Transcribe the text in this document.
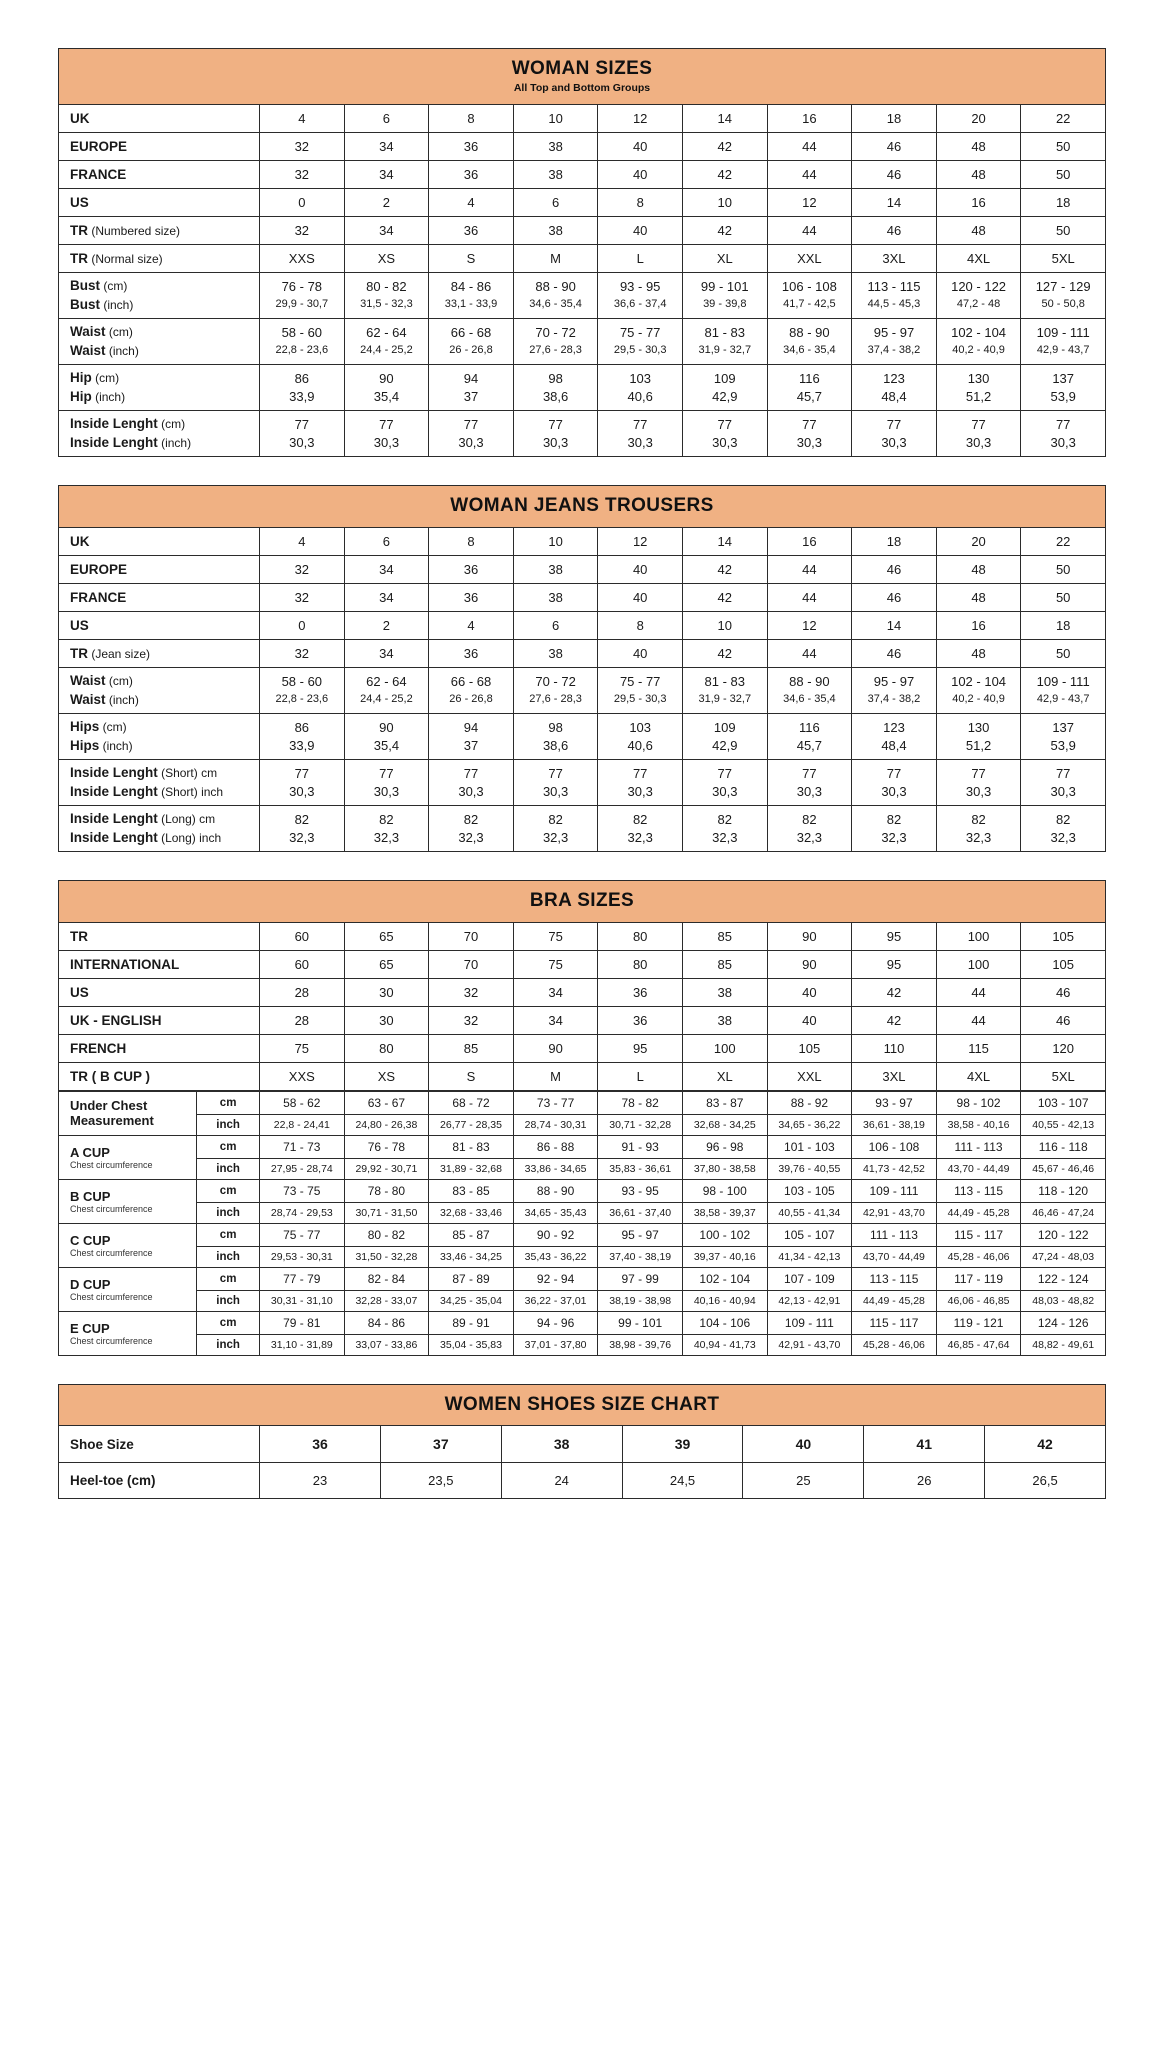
WOMAN SIZES
All Top and Bottom Groups										

UK	4	6	8	10	12	14	16	18	20	22
EUROPE	32	34	36	38	40	42	44	46	48	50
FRANCE	32	34	36	38	40	42	44	46	48	50
US	0	2	4	6	8	10	12	14	16	18
TR (Numbered size)	32	34	36	38	40	42	44	46	48	50
TR (Normal size)	XXS	XS	S	M	L	XL	XXL	3XL	4XL	5XL
Bust (cm)	76 - 78	80 - 82	84 - 86	88 - 90	93 - 95	99 - 101	106 - 108	113 - 115	120 - 122	127 - 129
Bust (inch)	29,9 - 30,7	31,5 - 32,3	33,1 - 33,9	34,6 - 35,4	36,6 - 37,4	39 - 39,8	41,7 - 42,5	44,5 - 45,3	47,2 - 48	50 - 50,8
Waist (cm)	58 - 60	62 - 64	66 - 68	70 - 72	75 - 77	81 - 83	88 - 90	95 - 97	102 - 104	109 - 111
Waist (inch)	22,8 - 23,6	24,4 - 25,2	26 - 26,8	27,6 - 28,3	29,5 - 30,3	31,9 - 32,7	34,6 - 35,4	37,4 - 38,2	40,2 - 40,9	42,9 - 43,7
Hip (cm)	86	90	94	98	103	109	116	123	130	137
Hip (inch)	33,9	35,4	37	38,6	40,6	42,9	45,7	48,4	51,2	53,9
Inside Lenght (cm)	77	77	77	77	77	77	77	77	77	77
Inside Lenght (inch)	30,3	30,3	30,3	30,3	30,3	30,3	30,3	30,3	30,3	30,3
WOMAN JEANS TROUSERS										

UK	4	6	8	10	12	14	16	18	20	22
EUROPE	32	34	36	38	40	42	44	46	48	50
FRANCE	32	34	36	38	40	42	44	46	48	50
US	0	2	4	6	8	10	12	14	16	18
TR (Jean size)	32	34	36	38	40	42	44	46	48	50
Waist (cm)	58 - 60	62 - 64	66 - 68	70 - 72	75 - 77	81 - 83	88 - 90	95 - 97	102 - 104	109 - 111
Waist (inch)	22,8 - 23,6	24,4 - 25,2	26 - 26,8	27,6 - 28,3	29,5 - 30,3	31,9 - 32,7	34,6 - 35,4	37,4 - 38,2	40,2 - 40,9	42,9 - 43,7
Hips (cm)	86	90	94	98	103	109	116	123	130	137
Hips (inch)	33,9	35,4	37	38,6	40,6	42,9	45,7	48,4	51,2	53,9
Inside Lenght (Short) cm	77	77	77	77	77	77	77	77	77	77
Inside Lenght (Short) inch	30,3	30,3	30,3	30,3	30,3	30,3	30,3	30,3	30,3	30,3
Inside Lenght (Long) cm	82	82	82	82	82	82	82	82	82	82
Inside Lenght (Long) inch	32,3	32,3	32,3	32,3	32,3	32,3	32,3	32,3	32,3	32,3
BRA SIZES										

TR	60	65	70	75	80	85	90	95	100	105
INTERNATIONAL	60	65	70	75	80	85	90	95	100	105
US	28	30	32	34	36	38	40	42	44	46
UK - ENGLISH	28	30	32	34	36	38	40	42	44	46
FRENCH	75	80	85	90	95	100	105	110	115	120
TR ( B CUP )	XXS	XS	S	M	L	XL	XXL	3XL	4XL	5XL
Under Chest
Measurement	cm	58 - 62	63 - 67	68 - 72	73 - 77	78 - 82	83 - 87	88 - 92	93 - 97	98 - 102	103 - 107
	inch	22,8 - 24,41	24,80 - 26,38	26,77 - 28,35	28,74 - 30,31	30,71 - 32,28	32,68 - 34,25	34,65 - 36,22	36,61 - 38,19	38,58 - 40,16	40,55 - 42,13
A CUP
Chest circumference	cm	71 - 73	76 - 78	81 - 83	86 - 88	91 - 93	96 - 98	101 - 103	106 - 108	111 - 113	116 - 118
	inch	27,95 - 28,74	29,92 - 30,71	31,89 - 32,68	33,86 - 34,65	35,83 - 36,61	37,80 - 38,58	39,76 - 40,55	41,73 - 42,52	43,70 - 44,49	45,67 - 46,46
B CUP
Chest circumference	cm	73 - 75	78 - 80	83 - 85	88 - 90	93 - 95	98 - 100	103 - 105	109 - 111	113 - 115	118 - 120
	inch	28,74 - 29,53	30,71 - 31,50	32,68 - 33,46	34,65 - 35,43	36,61 - 37,40	38,58 - 39,37	40,55 - 41,34	42,91 - 43,70	44,49 - 45,28	46,46 - 47,24
C CUP
Chest circumference	cm	75 - 77	80 - 82	85 - 87	90 - 92	95 - 97	100 - 102	105 - 107	111 - 113	115 - 117	120 - 122
	inch	29,53 - 30,31	31,50 - 32,28	33,46 - 34,25	35,43 - 36,22	37,40 - 38,19	39,37 - 40,16	41,34 - 42,13	43,70 - 44,49	45,28 - 46,06	47,24 - 48,03
D CUP
Chest circumference	cm	77 - 79	82 - 84	87 - 89	92 - 94	97 - 99	102 - 104	107 - 109	113 - 115	117 - 119	122 - 124
	inch	30,31 - 31,10	32,28 - 33,07	34,25 - 35,04	36,22 - 37,01	38,19 - 38,98	40,16 - 40,94	42,13 - 42,91	44,49 - 45,28	46,06 - 46,85	48,03 - 48,82
E CUP
Chest circumference	cm	79 - 81	84 - 86	89 - 91	94 - 96	99 - 101	104 - 106	109 - 111	115 - 117	119 - 121	124 - 126
	inch	31,10 - 31,89	33,07 - 33,86	35,04 - 35,83	37,01 - 37,80	38,98 - 39,76	40,94 - 41,73	42,91 - 43,70	45,28 - 46,06	46,85 - 47,64	48,82 - 49,61
WOMEN SHOES SIZE CHART							

Shoe Size	36	37	38	39	40	41	42
Heel-toe (cm)	23	23,5	24	24,5	25	26	26,5
